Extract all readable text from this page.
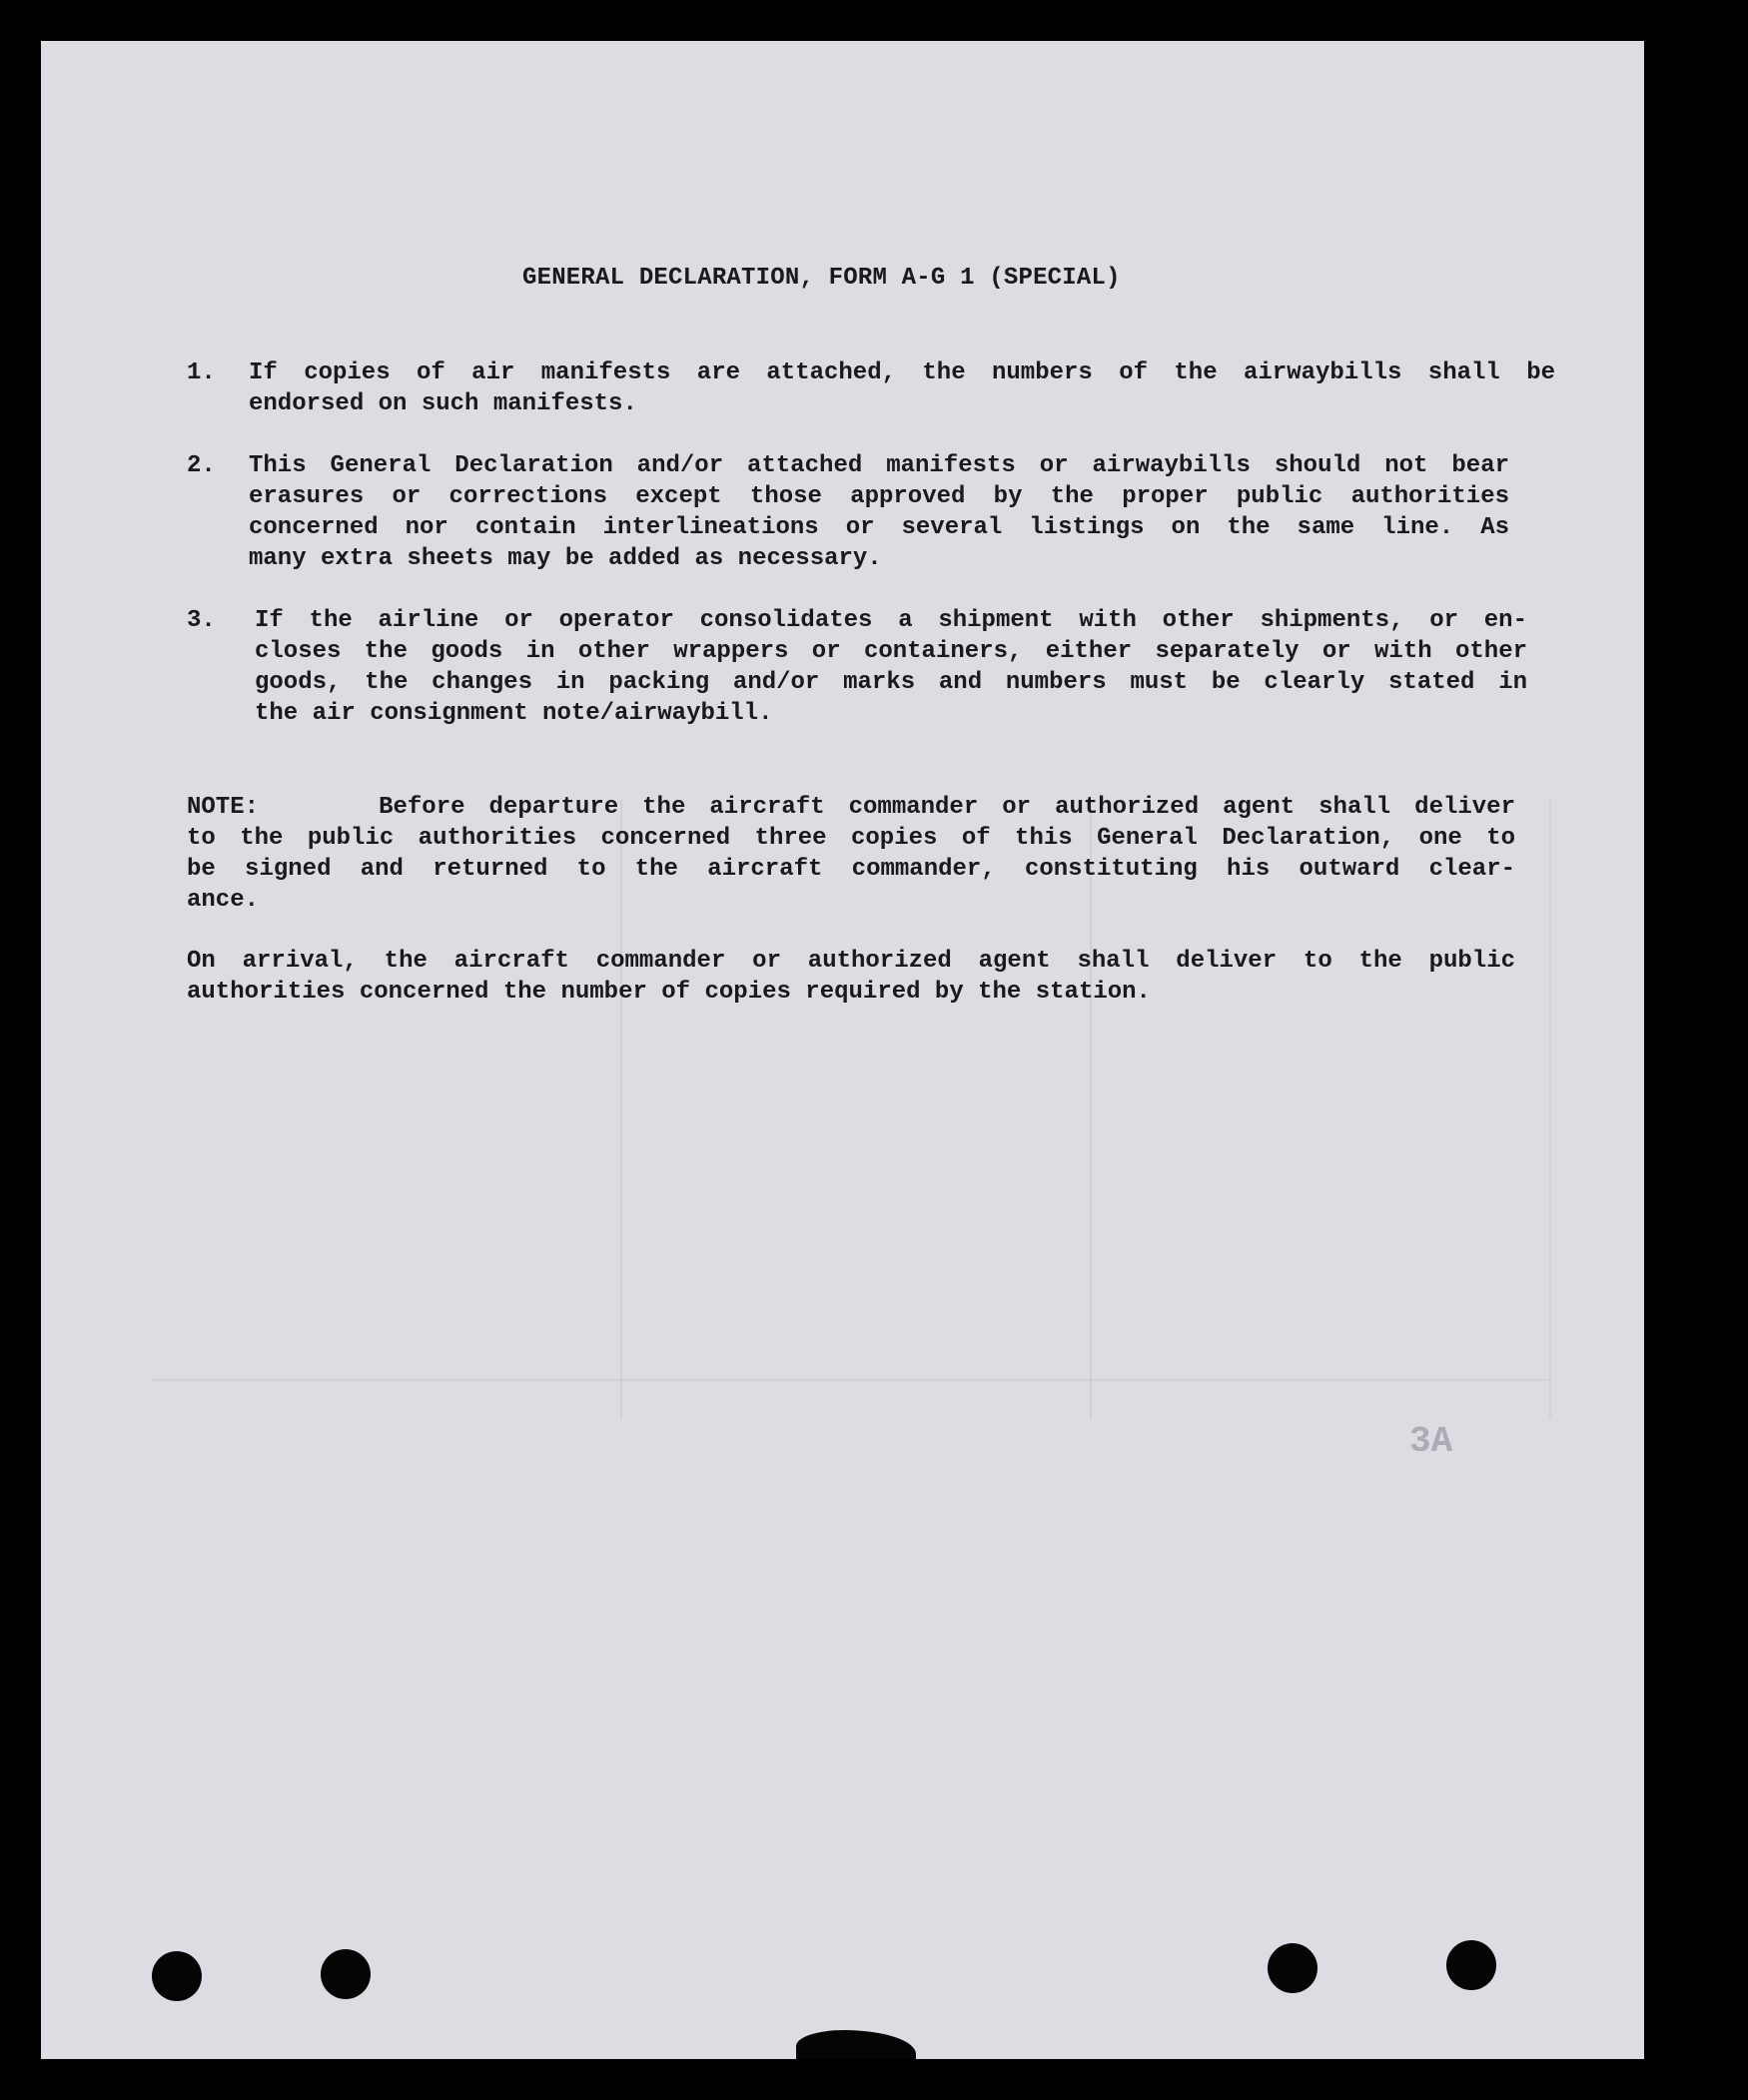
GENERAL DECLARATION, FORM A-G 1 (SPECIAL)
1. If copies of air manifests are attached, the numbers of the airwaybills shall be
endorsed on such manifests.
2. This General Declaration and/or attached manifests or airwaybills should not bear
erasures or corrections except those approved by the proper public authorities
concerned nor contain interlineations or several listings on the same line. As
many extra sheets may be added as necessary.
3. If the airline or operator consolidates a shipment with other shipments, or en-
closes the goods in other wrappers or containers, either separately or with other
goods, the changes in packing and/or marks and numbers must be clearly stated in
the air consignment note/airwaybill.
NOTE:     Before departure the aircraft commander or authorized agent shall deliver
to the public authorities concerned three copies of this General Declaration, one to
be signed and returned to the aircraft commander, constituting his outward clear-
ance.
On arrival, the aircraft commander or authorized agent shall deliver to the public
authorities concerned the number of copies required by the station.
3A
